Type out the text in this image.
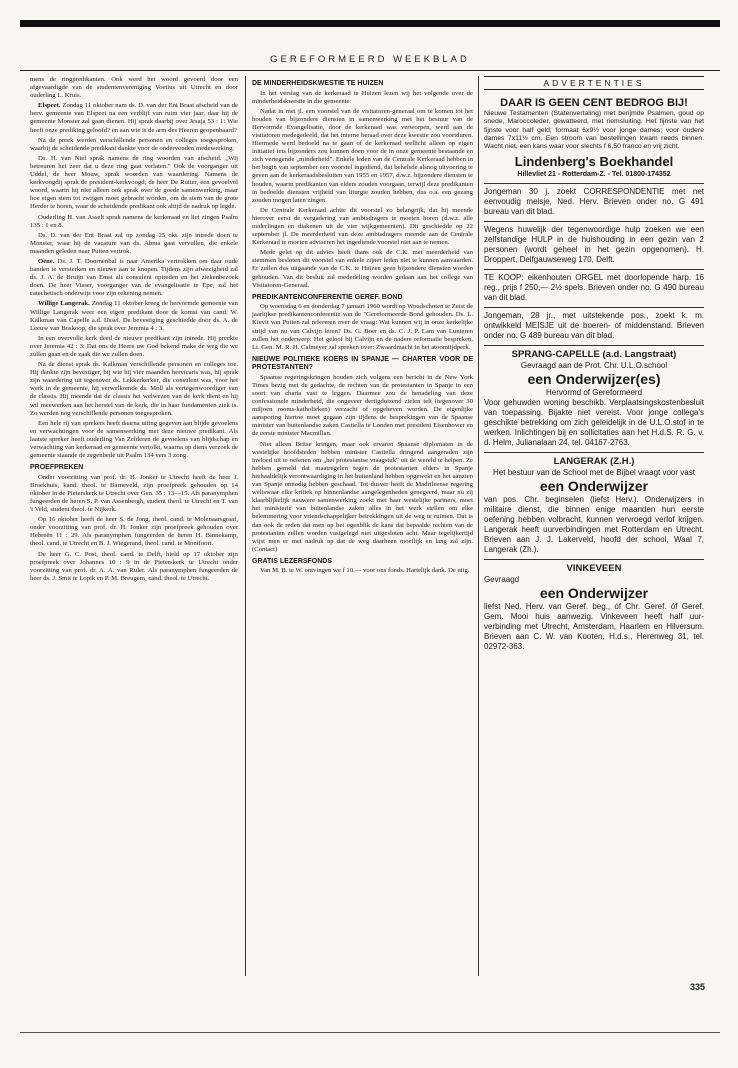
GEREFORMEERD WEEKBLAD

mens de ringpredikanten. Ook werd het woord gevoerd door een afgevaardigde van de studentenvereniging Voetius uit Utrecht en door ouderling L. Kruis.

Elspeet. Zondag 11 oktober nam ds. D. van der Ent Braat afscheid van de herv. gemeente van Elspeet na een verblijf van ruim vier jaar, daar hij de gemeente Monster zal gaan dienen. Hij sprak daarbij over Jesaja 53 : 1: Wie heeft onze prediking geloofd? en aan wie is de arm des Heeren geopenbaard?

Na de preek werden verschillende personen en colleges toegesproken, waarbij de scheidende predikant dankte voor de ondervonden medewerking.

Ds. H. van Niel sprak namens de ring woorden van afscheid. „Wij betreuren het zeer dat u deze ring gaat verlaten." Ook de voorganger uit Uddel, de heer Mouw, sprak woorden van waardering. Namens de kerkvoogdij sprak de president-kerkvoogd, de heer De Ruiter, een gevoelvol woord, waarin hij niet alleen ook sprak over de goede samenwerking, maar hoe eigen stem tot zwijgen moet gebracht worden, om de stem van de grote Herder te horen, waar de scheidende predikant ook altijd de nadruk op legde.

Ouderling H. van Asselt sprak namens de kerkeraad en liet zingen Psalm 135 : 1 en 8.

Ds. D. van der Ent Braat zal op zondag 25 okt. zijn intrede doen te Monster, waar hij de vacature van ds. Abma gaat vervullen, die enkele maanden geleden naar Putten vertrok.

Oene. Ds. J. T. Doornenbal is naar Amerika vertrokken om daar oude banden te versterken en nieuwe aan te knopen. Tijdens zijn afwezigheid zal ds. J. A. de Bruijn van Emst als consulent optreden en het ziekenbezoek doen. De heer Visser, voorganger van de evangelisatie te Epe, zal het catechetisch onderwijs voor zijn rekening nemen.

Willige Langerak. Zondag 11 oktober kreeg de hervormde gemeente van Willige Langerak weer een eigen predikant door de komst van cand. W. Kalkman van Capelle a.d. IJssel. De bevestiging geschiedde door ds. A. de Leeuw van Boskoop, die sprak over Jeremia 4 : 3.

In een overvolle kerk deed de nieuwe predikant zijn intrede. Hij preekte over Jeremia 42 : 3: Dat ons de Heere uw God bekend make de weg die we zullen gaan en de zaak die we zullen doen.

Na de dienst sprak ds. Kalkman verschillende personen en colleges toe. Hij dankte zijn bevestiger, bij wie hij vier maanden hervicaris was, hij sprak zijn waardering uit tegenover ds. Lekkerkerker, die consulent was, voor het werk in de gemeente, hij verwelkomde ds. Moll als vertegenwoordiger van de classis. Hij meende dat de classis het welwezen van de kerk dient en hij wil meewerken aan het herstel van de kerk, die in haar fundamenten ziek is. Zo werden nog verschillende personen toegesproken.

Een hele rij van sprekers heeft daarna uiting gegeven aan blijde gevoelens en verwachtingen voor de samenwerking met deze nieuwe predikant. Als laatste spreker heeft ouderling Van Zelderen de gevoelens van blijdschap en verwachting van kerkeraad en gemeente vertolkt, waarna op diens verzoek de gemeente staande de zegenbede uit Psalm 134 vers 3 zong.

PROEFPREKEN

Onder voorzitting van prof. dr. H. Jonker te Utrecht heeft de heer J. Broekhuis, kand. theol. te Barneveld, zijn proefpreek gehouden op 14 oktober in de Pieterskerk te Utrecht over Gen. 35 : 13—15. Als paranymphen fungeerden de heren S. P. van Assenbergh, student theol. te Utrecht en T. van 't Veld, student theol. te Nijkerk.

Op 16 oktober heeft de heer S. de Jong, theol. cand. te Molenaarsgraaf, onder voorzitting van prof. dr. H. Jonker zijn proefpreek gehouden over Hebreën 11 : 29. Als paranymphen fungeerden de heren H. Binnekamp, theol. cand. te Utrecht en B. J. Wiegerand, theol. cand. te Montfoort.

De heer G. C. Post, theol. cand. te Delft, hield op 17 oktober zijn proefpreek over Johannes 10 : 9 in de Pieterskerk te Utrecht onder voorzitting van prof. dr. A. A. van Ruler. Als paranymphen fungeerden de heer ds. J. Smit te Lopik en P. M. Breugem, cand. theol. te Utrecht.

DE MINDERHEIDSKWESTIE TE HUIZEN

In het verslag van de kerkeraad te Huizen lezen wij het volgende over de minderheidskwestie in die gemeente:

Nadat in mei jl. een voorstel van de visitatoren-generaal om te komen tot het houden van bijzondere diensten in samenwerking met het bestuur van de Hervormde Evangelisatie, door de kerkeraad was verworpen, werd aan de visitatoren medegedeeld, dat het interne beraad over deze kwestie zou voortduren. Hiermede werd bedoeld na te gaan of de kerkeraad wellicht alleen op eigen initiatief iets bijzonders zou kunnen doen voor de in onze gemeente bestaande en zich vertegende „minderheid". Enkele leden van de Centrale Kerkeraad hebben in het begin van september een voorstel ingediend, dat behelsde alsnog uitvoering te geven aan de kerkeraadsbesluiten van 1955 en 1957, d.w.z. bijzondere diensten te houden, waarin predikanten van elders zouden voorgaan, terwijl deze predikanten in bedoelde diensten vrijheid van liturgie zouden hebben, dus o.a. een gezang zouden mogen laten zingen.

De Centrale Kerkeraad achtte dit voorstel zo belangrijk, dat hij meende hierover eerst de vergadering van ambtsdragers te moeten horen (d.w.z. alle ouderlingen en diakenen uit de vier wijkgemeenten). Dit geschiedde op 22 september jl. De meerderheid van deze ambtsdragers meende aan de Centrale Kerkeraad te moeten adviseren het ingediende voorstel niet aan te nemen.

Mede gelet op dit advies heeft thans ook de C.K. met meerderheid van stemmen besloten dit voorstel van enkele zijner leden niet te kunnen aanvaarden. Er zullen dus uitgaande van de C.K. te Huizen geen bijzondere diensten worden gehouden. Van dit besluit zal mededeling worden gedaan aan het college van Visitatoren-Generaal.

PREDIKANTENCONFERENTIE GEREF. BOND

Op woensdag 6 en donderdag 7 januari 1960 wordt op Woudschoten te Zeist de jaarlijkse predikantenconferentie van de "Gereformeerde Bond gehouden. Ds. L. Kievit van Putten zal refereren over de vraag: Wat kunnen wij in onze kerkelijke strijd van nu van Calvijn leren? Ds. G. Boer en ds. C. J. P. Lam van Lunteren zullen het onderwerp: Het geloof bij Calvijn en de nadere reformatie bespreken. Lt. Gen. M. R. H. Calmeyer zal spreken over: Zwaardmacht in het atoomtijdperk.

NIEUWE POLITIEKE KOERS IN SPANJE — CHARTER VOOR DE PROTESTANTEN?

Spaanse regeringskringen houden zich volgens een bericht in de New York Times bezig met de gedachte, de rechten van de protestanten in Spanje in een soort van charta vast te leggen. Daarmee zou de benadeling van deze confessionele minderheid, die ongeveer dertigduizend zielen telt (tegenover 30 miljoen rooms-katholieken) verzacht of opgeheven worden. De eigenlijke aansporing hiertoe moet gegaan zijn tijdens de besprekingen van de Spaanse minister van buitenlandse zaken Castiella te Londen met president Eisenhower en de eerste minister Macmillan.

Niet alleen Britse kringen, maar ook ervaren Spaanse diplomaten in de westelijke hoofdsteden hebben minister Castiella dringend aangeraden zijn invloed uit te oefenen om „het protestantse vraagstuk" uit de wereld te helpen. Ze hebben gemeld dat maatregelen tegen de protestanten elders in Spanje herhaaldelijk verontwaardiging in het buitenland hebben opgewekt en het aanzien van Spanje onnodig hebben geschaad. Tot dusver heeft de Madrileense regering weliswaar elke kritiek op binnenlandse aangelegenheden genegeerd, maar nu zij klaarblijkelijk nauwere samenwerking zoekt met haar westelijke partners, moet het ministerie van buitenlandse zaken alles in het werk stellen om elke belemmering voor vriendschappelijker betrekkingen uit de weg te ruimen. Dat is dan ook de reden dat men op het ogenblik de kans dat bepaalde rechten van de protestanten zullen worden vastgelegd niet uitgesloten acht. Maar tegelijkertijd wijst men er met nadruk op dat de weg daarheen moeilijk en lang zal zijn. (Contact)

GRATIS LEZERSFONDS

Van M. B. te W. ontvingen we f 10.— voor ons fonds. Hartelijk dank. De uitg.

ADVERTENTIES

DAAR IS GEEN CENT BEDROG BIJ!

Nieuwe Testamenten (Statenvertaling) met berijmde Psalmen, goud op snede, Maroccoleder, gewatteerd, met riemsluiting. Het fijnste van het fijnste voor half geld; formaat 6x9½ voor jonge dames; voor oudere dames 7x11½ cm. Een stroom van bestellingen kwam reeds binnen. Wacht niet, een kans waar voor slechts f 6,50 franco en vrij zicht.

Lindenberg's Boekhandel

Hillevliet 21 - Rotterdam-Z. - Tel. 01800-174352

Jongeman 30 j. zoekt CORRESPONDENTIE met net eenvoudig meisje, Ned. Herv. Brieven onder no. G 491 bureau van dit blad.

Wegens huwelijk der tegenwoordige hulp zoeken we een zelfstandige HULP in de huishouding in een gezin van 2 personen (wordt geheel in het gezin opgenomen). H. Droppert, Delfgauwseweg 170, Delft.

TE KOOP: eikenhouten ORGEL met doorlopende harp. 16 reg., prijs f 250,— 2½ spels. Brieven onder no. G 490 bureau van dit blad.

Jongeman, 28 jr., met uitstekende pos., zoekt k. m. ontwikkeld MEISJE uit de boeren- of middenstand. Brieven onder no. G 489 bureau van dit blad.

SPRANG-CAPELLE (a.d. Langstraat)

Gevraagd aan de Prot. Chr. U.L.O.school

een Onderwijzer(es)

Hervormd of Gereformeerd

Voor gehuwden woning beschikb. Verplaatsingskostenbesluit van toepassing. Bijakte niet vereist. Voor jonge collega's geschikte betrekking om zich geleidelijk in de U.L.O.stof in te werken. Inlichtingen bij en sollicitaties aan het H.d.S. R. G. v. d. Helm, Julianalaan 24, tel. 04167-2763.

LANGERAK (Z.H.)

Het bestuur van de School met de Bijbel vraagt voor vast

een Onderwijzer

van pos. Chr. beginselen (liefst Herv.). Onderwijzers in militaire dienst, die binnen enige maanden hun eerste oefening hebben volbracht, kunnen vervroegd verlof krijgen. Langerak heeft uurverbindingen met Rotterdam en Utrecht. Brieven aan J. J. Lakerveld, hoofd der school, Waal 7, Langerak (Zh.).

VINKEVEEN

Gevraagd

een Onderwijzer

liefst Ned. Herv. van Geref. beg., óf Chr. Geref. óf Geref. Gem. Mooi huis aanwezig. Vinkeveen heeft half uur-verbinding met Utrecht, Amsterdam, Haarlem en Hilversum. Brieven aan C. W. van Kooten, H.d.s., Herenweg 31, tel. 02972-363.

335
